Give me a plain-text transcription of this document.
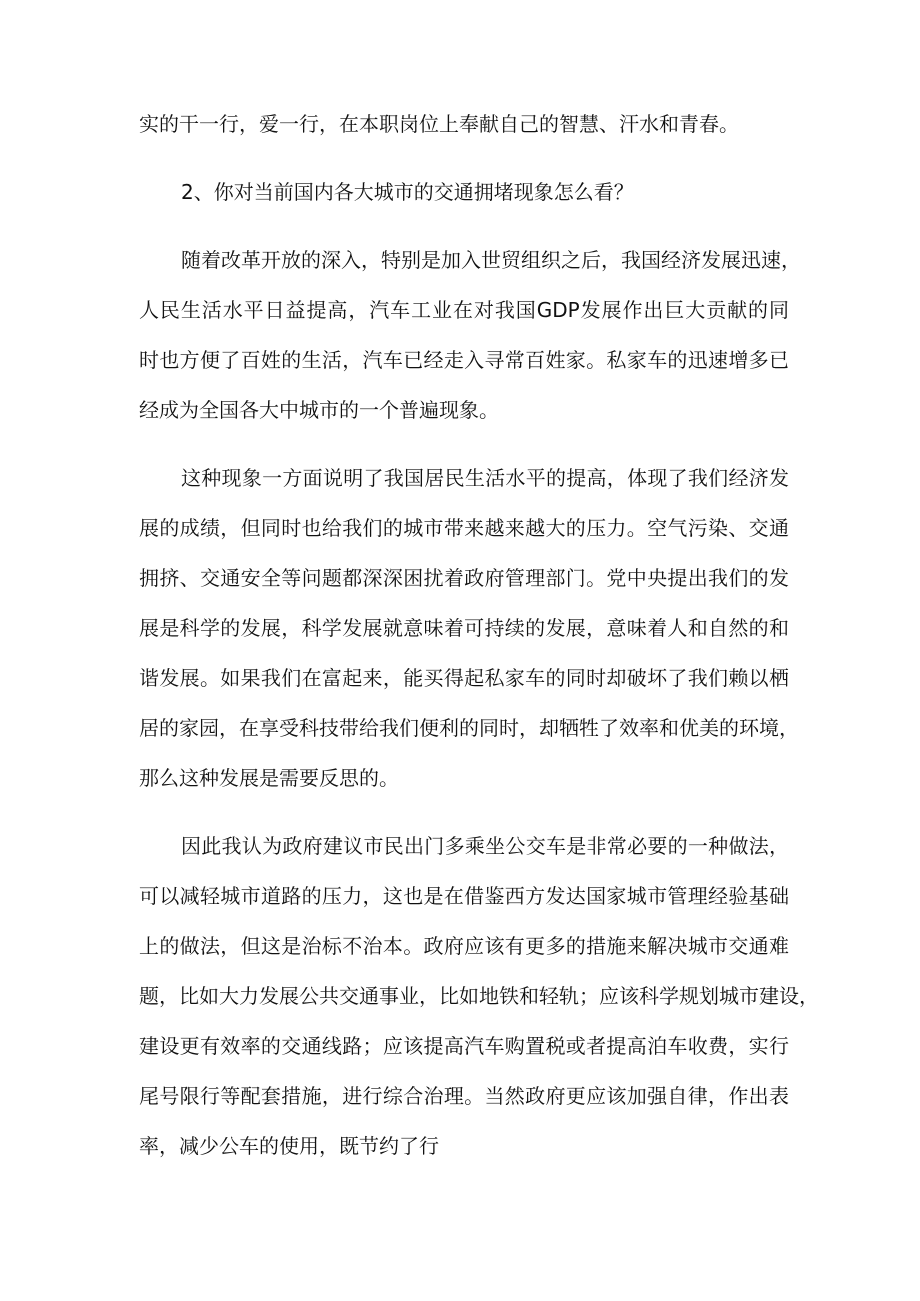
实的干一行，爱一行，在本职岗位上奉献自己的智慧、汗水和青春。
2、你对当前国内各大城市的交通拥堵现象怎么看？
随着改革开放的深入，特别是加入世贸组织之后，我国经济发展迅速，
人民生活水平日益提高，汽车工业在对我国GDP发展作出巨大贡献的同
时也方便了百姓的生活，汽车已经走入寻常百姓家。私家车的迅速增多已
经成为全国各大中城市的一个普遍现象。
这种现象一方面说明了我国居民生活水平的提高，体现了我们经济发
展的成绩，但同时也给我们的城市带来越来越大的压力。空气污染、交通
拥挤、交通安全等问题都深深困扰着政府管理部门。党中央提出我们的发
展是科学的发展，科学发展就意味着可持续的发展，意味着人和自然的和
谐发展。如果我们在富起来，能买得起私家车的同时却破坏了我们赖以栖
居的家园，在享受科技带给我们便利的同时，却牺牲了效率和优美的环境，
那么这种发展是需要反思的。
因此我认为政府建议市民出门多乘坐公交车是非常必要的一种做法，
可以减轻城市道路的压力，这也是在借鉴西方发达国家城市管理经验基础
上的做法，但这是治标不治本。政府应该有更多的措施来解决城市交通难
题，比如大力发展公共交通事业，比如地铁和轻轨；应该科学规划城市建设，
建设更有效率的交通线路；应该提高汽车购置税或者提高泊车收费，实行
尾号限行等配套措施，进行综合治理。当然政府更应该加强自律，作出表
率，减少公车的使用，既节约了行
